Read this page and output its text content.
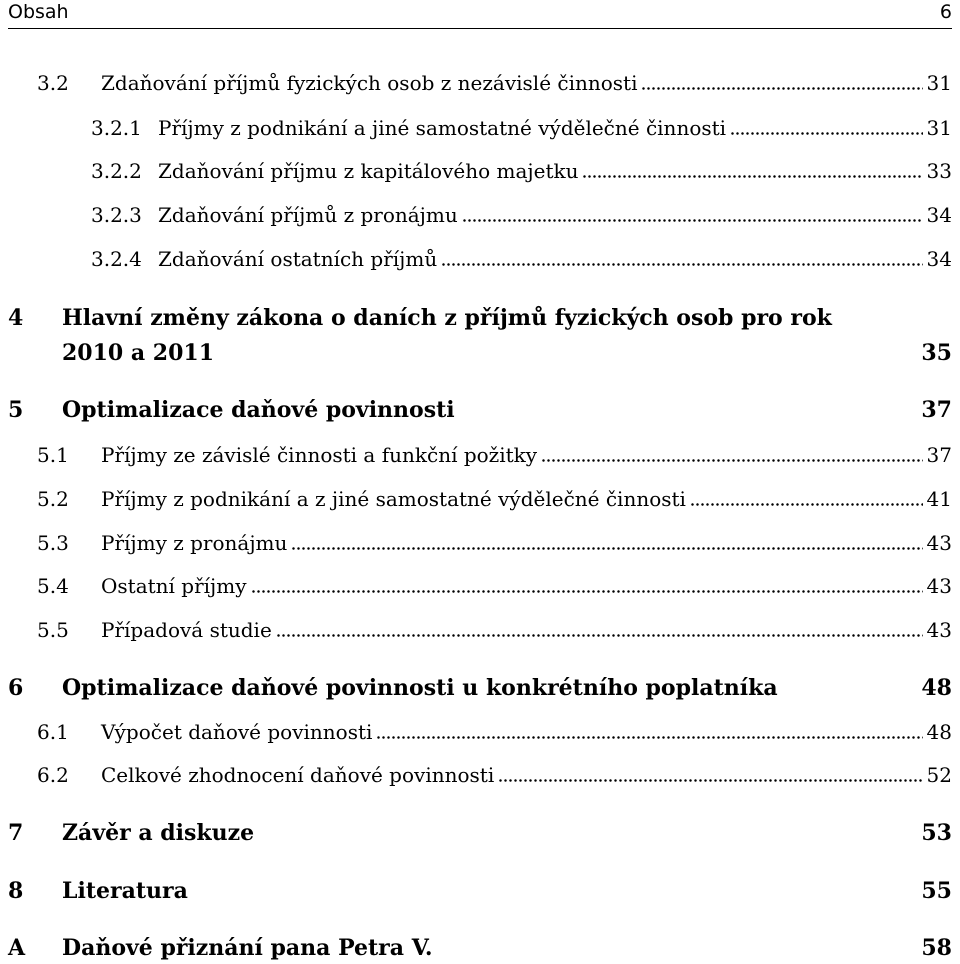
Obsah	6
3.2 Zdaňování příjmů fyzických osob z nezávislé činnosti	31
3.2.1 Příjmy z podnikání a jiné samostatné výdělečné činnosti	31
3.2.2 Zdaňování příjmu z kapitálového majetku	33
3.2.3 Zdaňování příjmů z pronájmu	34
3.2.4 Zdaňování ostatních příjmů	34
4 Hlavní změny zákona o daních z příjmů fyzických osob pro rok
2010 a 2011	35
5 Optimalizace daňové povinnosti	37
5.1 Příjmy ze závislé činnosti a funkční požitky	37
5.2 Příjmy z podnikání a z jiné samostatné výdělečné činnosti	41
5.3 Příjmy z pronájmu	43
5.4 Ostatní příjmy	43
5.5 Případová studie	43
6 Optimalizace daňové povinnosti u konkrétního poplatníka	48
6.1 Výpočet daňové povinnosti	48
6.2 Celkové zhodnocení daňové povinnosti	52
7 Závěr a diskuze	53
8 Literatura	55
A Daňové přiznání pana Petra V.	58
